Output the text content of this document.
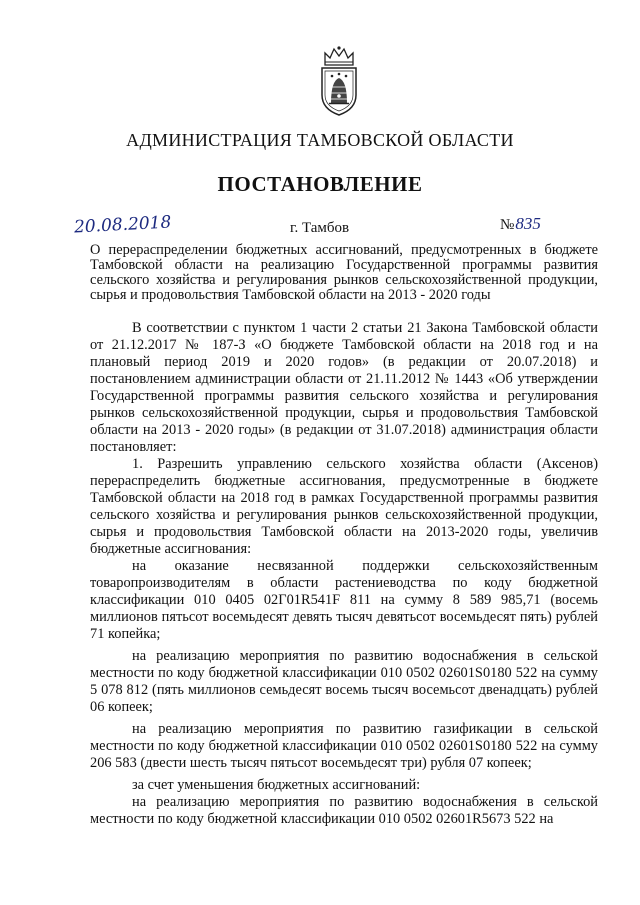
АДМИНИСТРАЦИЯ ТАМБОВСКОЙ ОБЛАСТИ
ПОСТАНОВЛЕНИЕ
20.08.2018	г. Тамбов	№835
О перераспределении бюджетных ассигнований, предусмотренных в бюджете Тамбовской области на реализацию Государственной программы развития сельского хозяйства и регулирования рынков сельскохозяйственной продукции, сырья и продовольствия Тамбовской области на 2013 - 2020 годы

В соответствии с пунктом 1 части 2 статьи 21 Закона Тамбовской области от 21.12.2017 № 187-З «О бюджете Тамбовской области на 2018 год и на плановый период 2019 и 2020 годов» (в редакции от 20.07.2018) и постановлением администрации области от 21.11.2012 № 1443 «Об утверждении Государственной программы развития сельского хозяйства и регулирования рынков сельскохозяйственной продукции, сырья и продовольствия Тамбовской области на 2013 - 2020 годы» (в редакции от 31.07.2018) администрация области постановляет:

1. Разрешить управлению сельского хозяйства области (Аксенов) перераспределить бюджетные ассигнования, предусмотренные в бюджете Тамбовской области на 2018 год в рамках Государственной программы развития сельского хозяйства и регулирования рынков сельскохозяйственной продукции, сырья и продовольствия Тамбовской области на 2013-2020 годы, увеличив бюджетные ассигнования:

на оказание несвязанной поддержки сельскохозяйственным товаропроизводителям в области растениеводства по коду бюджетной классификации 010 0405 02Г01R541F 811 на сумму 8 589 985,71 (восемь миллионов пятьсот восемьдесят девять тысяч девятьсот восемьдесят пять) рублей 71 копейка;

на реализацию мероприятия по развитию водоснабжения в сельской местности по коду бюджетной классификации 010 0502 02601S0180 522 на сумму 5 078 812 (пять миллионов семьдесят восемь тысяч восемьсот двенадцать) рублей 06 копеек;

на реализацию мероприятия по развитию газификации в сельской местности по коду бюджетной классификации 010 0502 02601S0180 522 на сумму 206 583 (двести шесть тысяч пятьсот восемьдесят три) рубля 07 копеек;

за счет уменьшения бюджетных ассигнований:

на реализацию мероприятия по развитию водоснабжения в сельской местности по коду бюджетной классификации 010 0502 02601R5673 522 на
